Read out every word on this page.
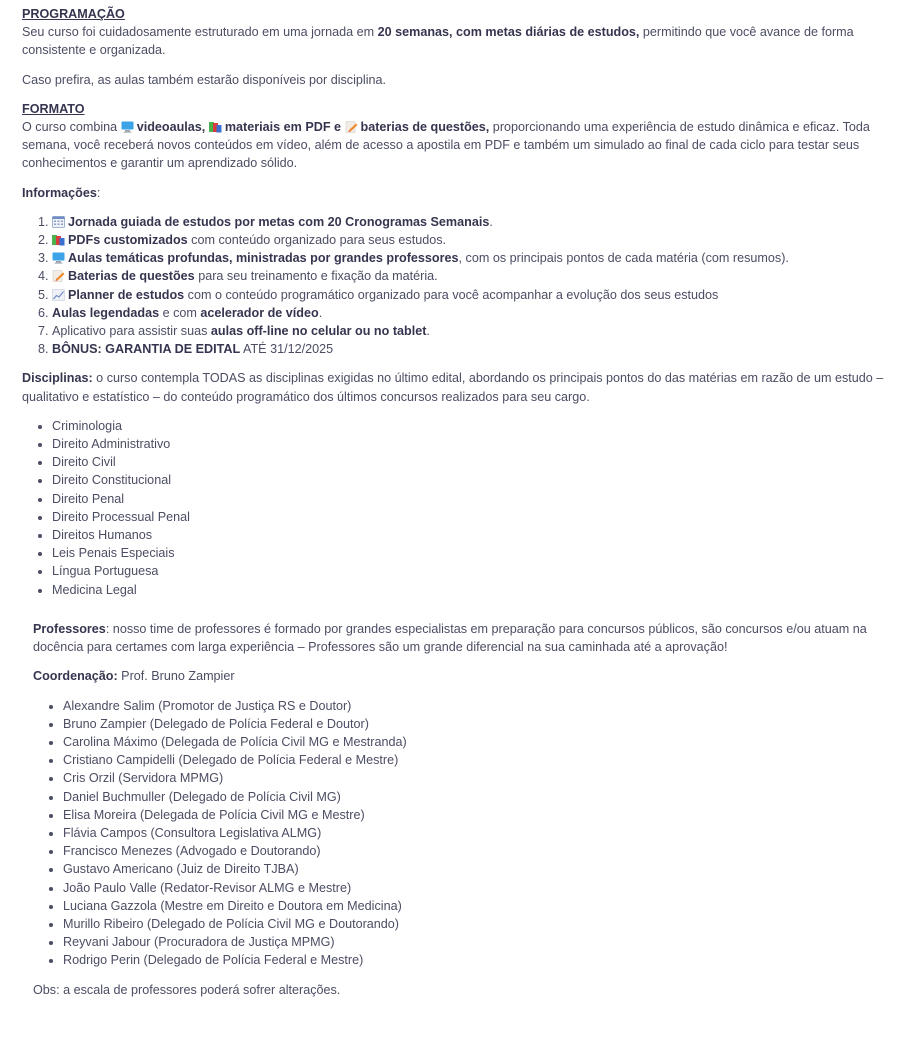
PROGRAMAÇÃO

Seu curso foi cuidadosamente estruturado em uma jornada em 20 semanas, com metas diárias de estudos, permitindo que você avance de forma consistente e organizada.

Caso prefira, as aulas também estarão disponíveis por disciplina.

FORMATO

O curso combina videoaulas, materiais em PDF e baterias de questões, proporcionando uma experiência de estudo dinâmica e eficaz. Toda semana, você receberá novos conteúdos em vídeo, além de acesso a apostila em PDF e também um simulado ao final de cada ciclo para testar seus conhecimentos e garantir um aprendizado sólido.

Informações:

1. Jornada guiada de estudos por metas com 20 Cronogramas Semanais.
2. PDFs customizados com conteúdo organizado para seus estudos.
3. Aulas temáticas profundas, ministradas por grandes professores, com os principais pontos de cada matéria (com resumos).
4. Baterias de questões para seu treinamento e fixação da matéria.
5. Planner de estudos com o conteúdo programático organizado para você acompanhar a evolução dos seus estudos
6. Aulas legendadas e com acelerador de vídeo.
7. Aplicativo para assistir suas aulas off-line no celular ou no tablet.
8. BÔNUS: GARANTIA DE EDITAL ATÉ 31/12/2025

Disciplinas: o curso contempla TODAS as disciplinas exigidas no último edital, abordando os principais pontos do das matérias em razão de um estudo – qualitativo e estatístico – do conteúdo programático dos últimos concursos realizados para seu cargo.

• Criminologia
• Direito Administrativo
• Direito Civil
• Direito Constitucional
• Direito Penal
• Direito Processual Penal
• Direitos Humanos
• Leis Penais Especiais
• Língua Portuguesa
• Medicina Legal

Professores: nosso time de professores é formado por grandes especialistas em preparação para concursos públicos, são concursos e/ou atuam na docência para certames com larga experiência – Professores são um grande diferencial na sua caminhada até a aprovação!

Coordenação: Prof. Bruno Zampier

• Alexandre Salim (Promotor de Justiça RS e Doutor)
• Bruno Zampier (Delegado de Polícia Federal e Doutor)
• Carolina Máximo (Delegada de Polícia Civil MG e Mestranda)
• Cristiano Campidelli (Delegado de Polícia Federal e Mestre)
• Cris Orzil (Servidora MPMG)
• Daniel Buchmuller (Delegado de Polícia Civil MG)
• Elisa Moreira (Delegada de Polícia Civil MG e Mestre)
• Flávia Campos (Consultora Legislativa ALMG)
• Francisco Menezes (Advogado e Doutorando)
• Gustavo Americano (Juiz de Direito TJBA)
• João Paulo Valle (Redator-Revisor ALMG e Mestre)
• Luciana Gazzola (Mestre em Direito e Doutora em Medicina)
• Murillo Ribeiro (Delegado de Polícia Civil MG e Doutorando)
• Reyvani Jabour (Procuradora de Justiça MPMG)
• Rodrigo Perin (Delegado de Polícia Federal e Mestre)

Obs: a escala de professores poderá sofrer alterações.
